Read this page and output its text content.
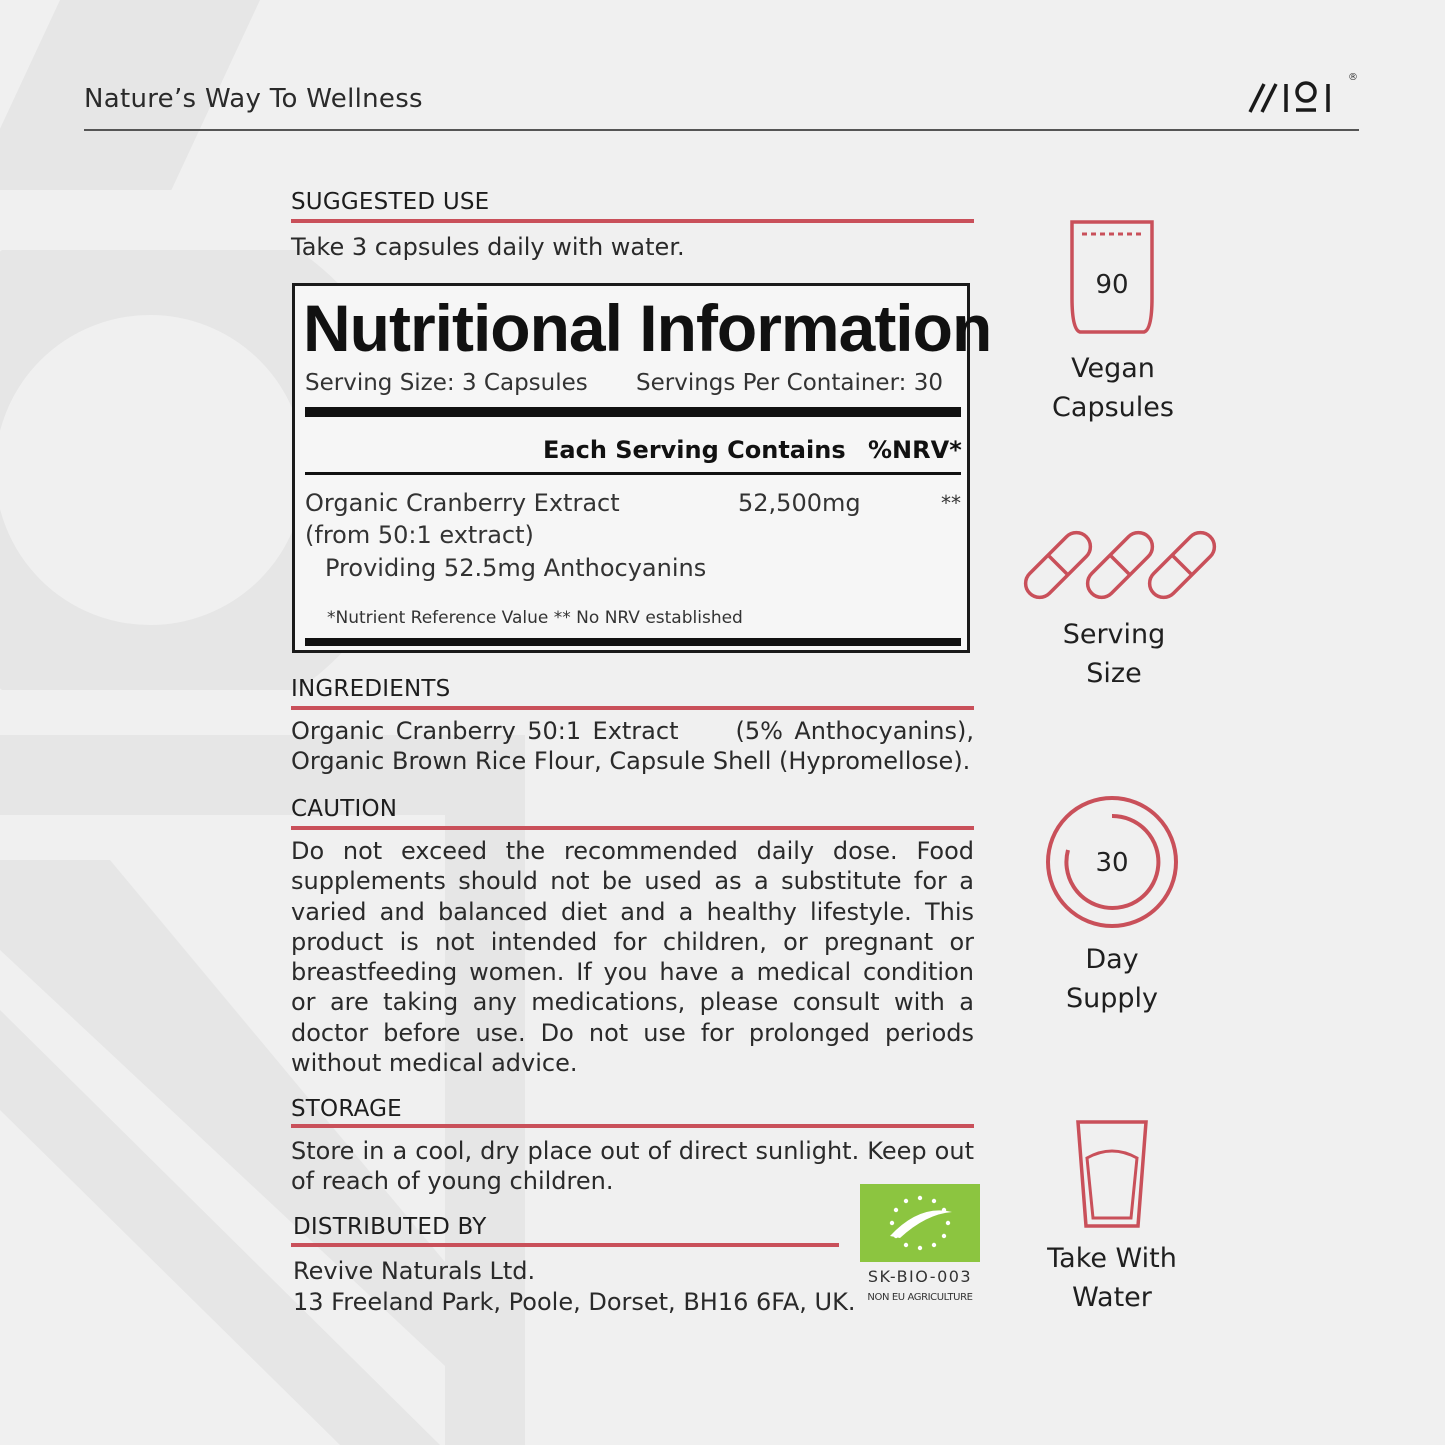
Nature’s Way To Wellness
®
SUGGESTED USE
Take 3 capsules daily with water.
Nutritional Information
Serving Size: 3 Capsules Servings Per Container: 30
Each Serving Contains %NRV*
Organic Cranberry Extract
(from 50:1 extract)
52,500mg	**
Providing 52.5mg Anthocyanins
*Nutrient Reference Value ** No NRV established
INGREDIENTS
Organic Cranberry 50:1 Extract     (5% Anthocyanins), Organic Brown Rice Flour, Capsule Shell (Hypromellose).
CAUTION
Do not exceed the recommended daily dose. Food supplements should not be used as a substitute for a varied and balanced diet and a healthy lifestyle. This product is not intended for children, or pregnant or breastfeeding women. If you have a medical condition or are taking any medications, please consult with a doctor before use. Do not use for prolonged periods without medical advice.
STORAGE
Store in a cool, dry place out of direct sunlight. Keep out of reach of young children.
DISTRIBUTED BY
Revive Naturals Ltd.
13 Freeland Park, Poole, Dorset, BH16 6FA, UK.
SK-BIO-003
NON EU AGRICULTURE
90
Vegan
Capsules
Serving
Size
30
Day
Supply
Take With
Water
